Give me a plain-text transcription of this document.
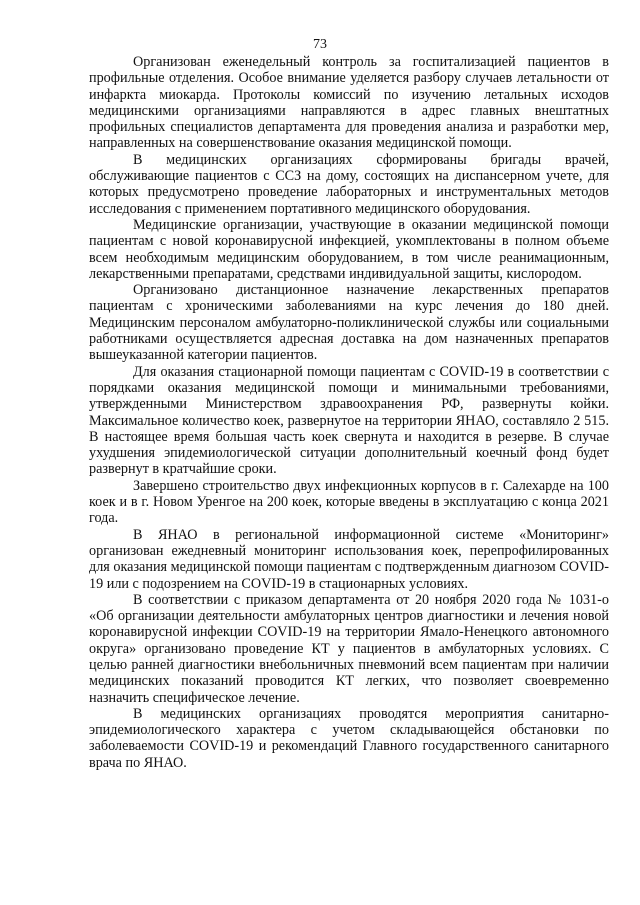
73

Организован еженедельный контроль за госпитализацией пациентов в профильные отделения. Особое внимание уделяется разбору случаев летальности от инфаркта миокарда. Протоколы комиссий по изучению летальных исходов медицинскими организациями направляются в адрес главных внештатных профильных специалистов департамента для проведения анализа и разработки мер, направленных на совершенствование оказания медицинской помощи.

В медицинских организациях сформированы бригады врачей, обслуживающие пациентов с ССЗ на дому, состоящих на диспансерном учете, для которых предусмотрено проведение лабораторных и инструментальных методов исследования с применением портативного медицинского оборудования.

Медицинские организации, участвующие в оказании медицинской помощи пациентам с новой коронавирусной инфекцией, укомплектованы в полном объеме всем необходимым медицинским оборудованием, в том числе реанимационным, лекарственными препаратами, средствами индивидуальной защиты, кислородом.

Организовано дистанционное назначение лекарственных препаратов пациентам с хроническими заболеваниями на курс лечения до 180 дней. Медицинским персоналом амбулаторно-поликлинической службы или социальными работниками осуществляется адресная доставка на дом назначенных препаратов вышеуказанной категории пациентов.

Для оказания стационарной помощи пациентам с COVID-19 в соответствии с порядками оказания медицинской помощи и минимальными требованиями, утвержденными Министерством здравоохранения РФ, развернуты койки. Максимальное количество коек, развернутое на территории ЯНАО, составляло 2 515. В настоящее время большая часть коек свернута и находится в резерве. В случае ухудшения эпидемиологической ситуации дополнительный коечный фонд будет развернут в кратчайшие сроки.

Завершено строительство двух инфекционных корпусов в г. Салехарде на 100 коек и в г. Новом Уренгое на 200 коек, которые введены в эксплуатацию с конца 2021 года.

В ЯНАО в региональной информационной системе «Мониторинг» организован ежедневный мониторинг использования коек, перепрофилированных для оказания медицинской помощи пациентам с подтвержденным диагнозом COVID-19 или с подозрением на COVID-19 в стационарных условиях.

В соответствии с приказом департамента от 20 ноября 2020 года № 1031-о «Об организации деятельности амбулаторных центров диагностики и лечения новой коронавирусной инфекции COVID-19 на территории Ямало-Ненецкого автономного округа» организовано проведение КТ у пациентов в амбулаторных условиях. С целью ранней диагностики внебольничных пневмоний всем пациентам при наличии медицинских показаний проводится КТ легких, что позволяет своевременно назначить специфическое лечение.

В медицинских организациях проводятся мероприятия санитарно-эпидемиологического характера с учетом складывающейся обстановки по заболеваемости COVID-19 и рекомендаций Главного государственного санитарного врача по ЯНАО.
